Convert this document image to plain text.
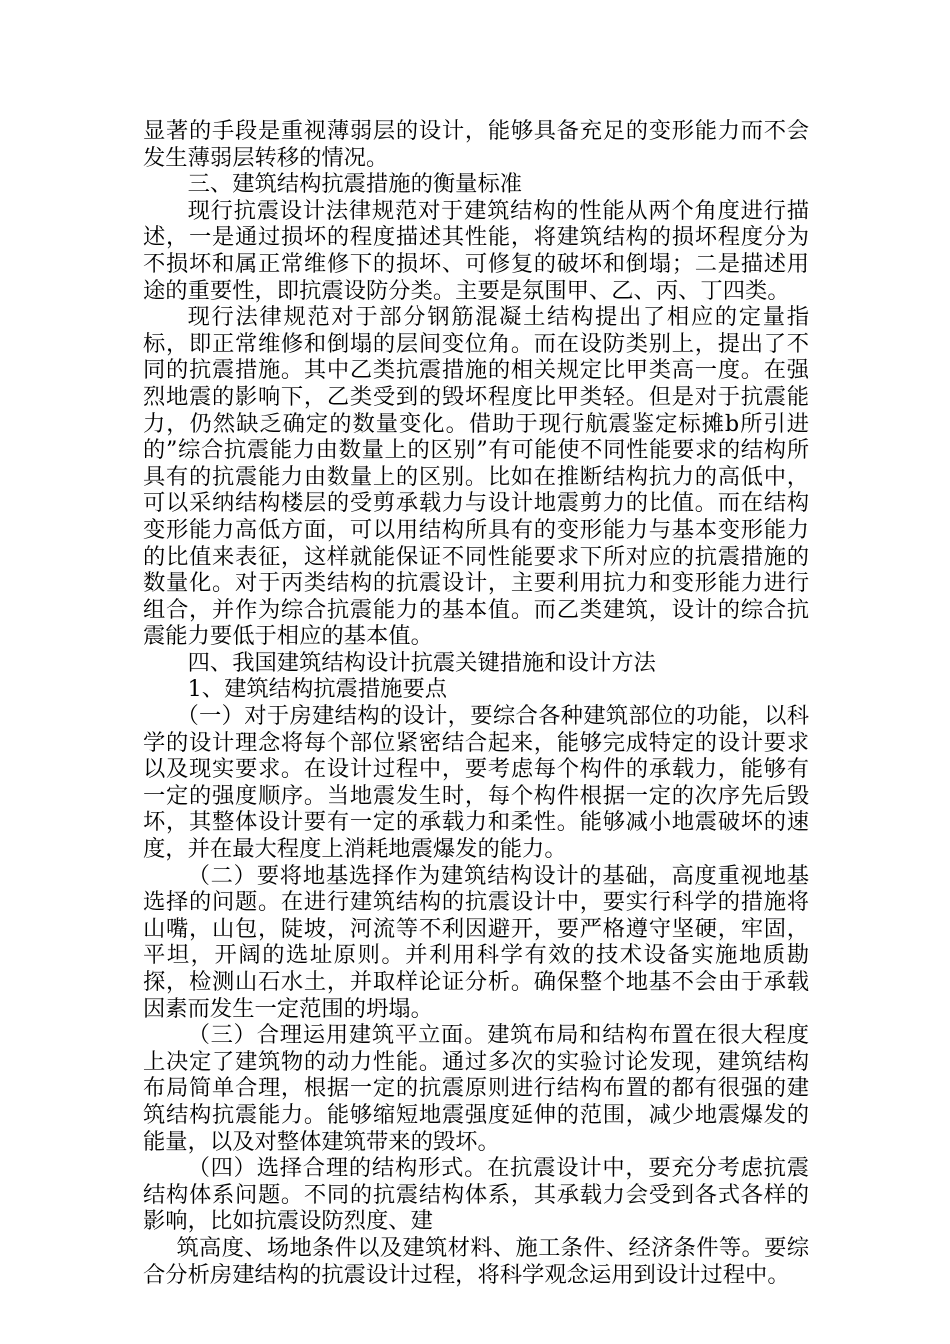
显著的手段是重视薄弱层的设计，能够具备充足的变形能力而不会发生薄弱层转移的情况。

三、建筑结构抗震措施的衡量标准

现行抗震设计法律规范对于建筑结构的性能从两个角度进行描述，一是通过损坏的程度描述其性能，将建筑结构的损坏程度分为不损坏和属正常维修下的损坏、可修复的破坏和倒塌；二是描述用途的重要性，即抗震设防分类。主要是氛围甲、乙、丙、丁四类。

现行法律规范对于部分钢筋混凝土结构提出了相应的定量指标，即正常维修和倒塌的层间变位角。而在设防类别上，提出了不同的抗震措施。其中乙类抗震措施的相关规定比甲类高一度。在强烈地震的影响下，乙类受到的毁坏程度比甲类轻。但是对于抗震能力，仍然缺乏确定的数量变化。借助于现行航震鉴定标摊b所引进的”综合抗震能力由数量上的区别”有可能使不同性能要求的结构所具有的抗震能力由数量上的区别。比如在推断结构抗力的高低中，可以采纳结构楼层的受剪承载力与设计地震剪力的比值。而在结构变形能力高低方面，可以用结构所具有的变形能力与基本变形能力的比值来表征，这样就能保证不同性能要求下所对应的抗震措施的数量化。对于丙类结构的抗震设计，主要利用抗力和变形能力进行组合，并作为综合抗震能力的基本值。而乙类建筑，设计的综合抗震能力要低于相应的基本值。

四、我国建筑结构设计抗震关键措施和设计方法

1、建筑结构抗震措施要点

（一）对于房建结构的设计，要综合各种建筑部位的功能，以科学的设计理念将每个部位紧密结合起来，能够完成特定的设计要求以及现实要求。在设计过程中，要考虑每个构件的承载力，能够有一定的强度顺序。当地震发生时，每个构件根据一定的次序先后毁坏，其整体设计要有一定的承载力和柔性。能够减小地震破坏的速度，并在最大程度上消耗地震爆发的能力。

（二）要将地基选择作为建筑结构设计的基础，高度重视地基选择的问题。在进行建筑结构的抗震设计中，要实行科学的措施将山嘴，山包，陡坡，河流等不利因避开，要严格遵守坚硬，牢固，平坦，开阔的选址原则。并利用科学有效的技术设备实施地质勘探，检测山石水土，并取样论证分析。确保整个地基不会由于承载因素而发生一定范围的坍塌。

（三）合理运用建筑平立面。建筑布局和结构布置在很大程度上决定了建筑物的动力性能。通过多次的实验讨论发现，建筑结构布局简单合理，根据一定的抗震原则进行结构布置的都有很强的建筑结构抗震能力。能够缩短地震强度延伸的范围，减少地震爆发的能量，以及对整体建筑带来的毁坏。

（四）选择合理的结构形式。在抗震设计中，要充分考虑抗震结构体系问题。不同的抗震结构体系，其承载力会受到各式各样的影响，比如抗震设防烈度、建

筑高度、场地条件以及建筑材料、施工条件、经济条件等。要综合分析房建结构的抗震设计过程，将科学观念运用到设计过程中。
